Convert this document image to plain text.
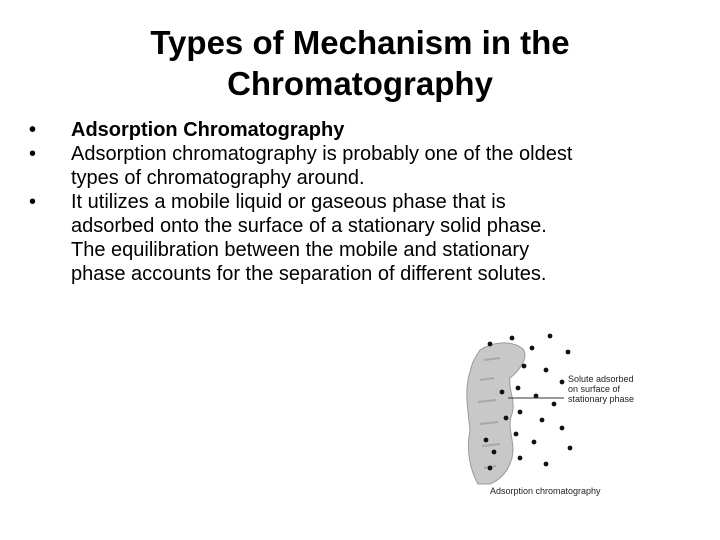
Types of Mechanism in the
Chromatography
• Adsorption Chromatography
• Adsorption chromatography is probably one of the oldest types of chromatography around.
• It utilizes a mobile liquid or gaseous phase that is adsorbed onto the surface of a stationary solid phase. The equilibration between the mobile and stationary phase accounts for the separation of different solutes.
Solute adsorbed
on surface of
stationary phase
Adsorption chromatography
